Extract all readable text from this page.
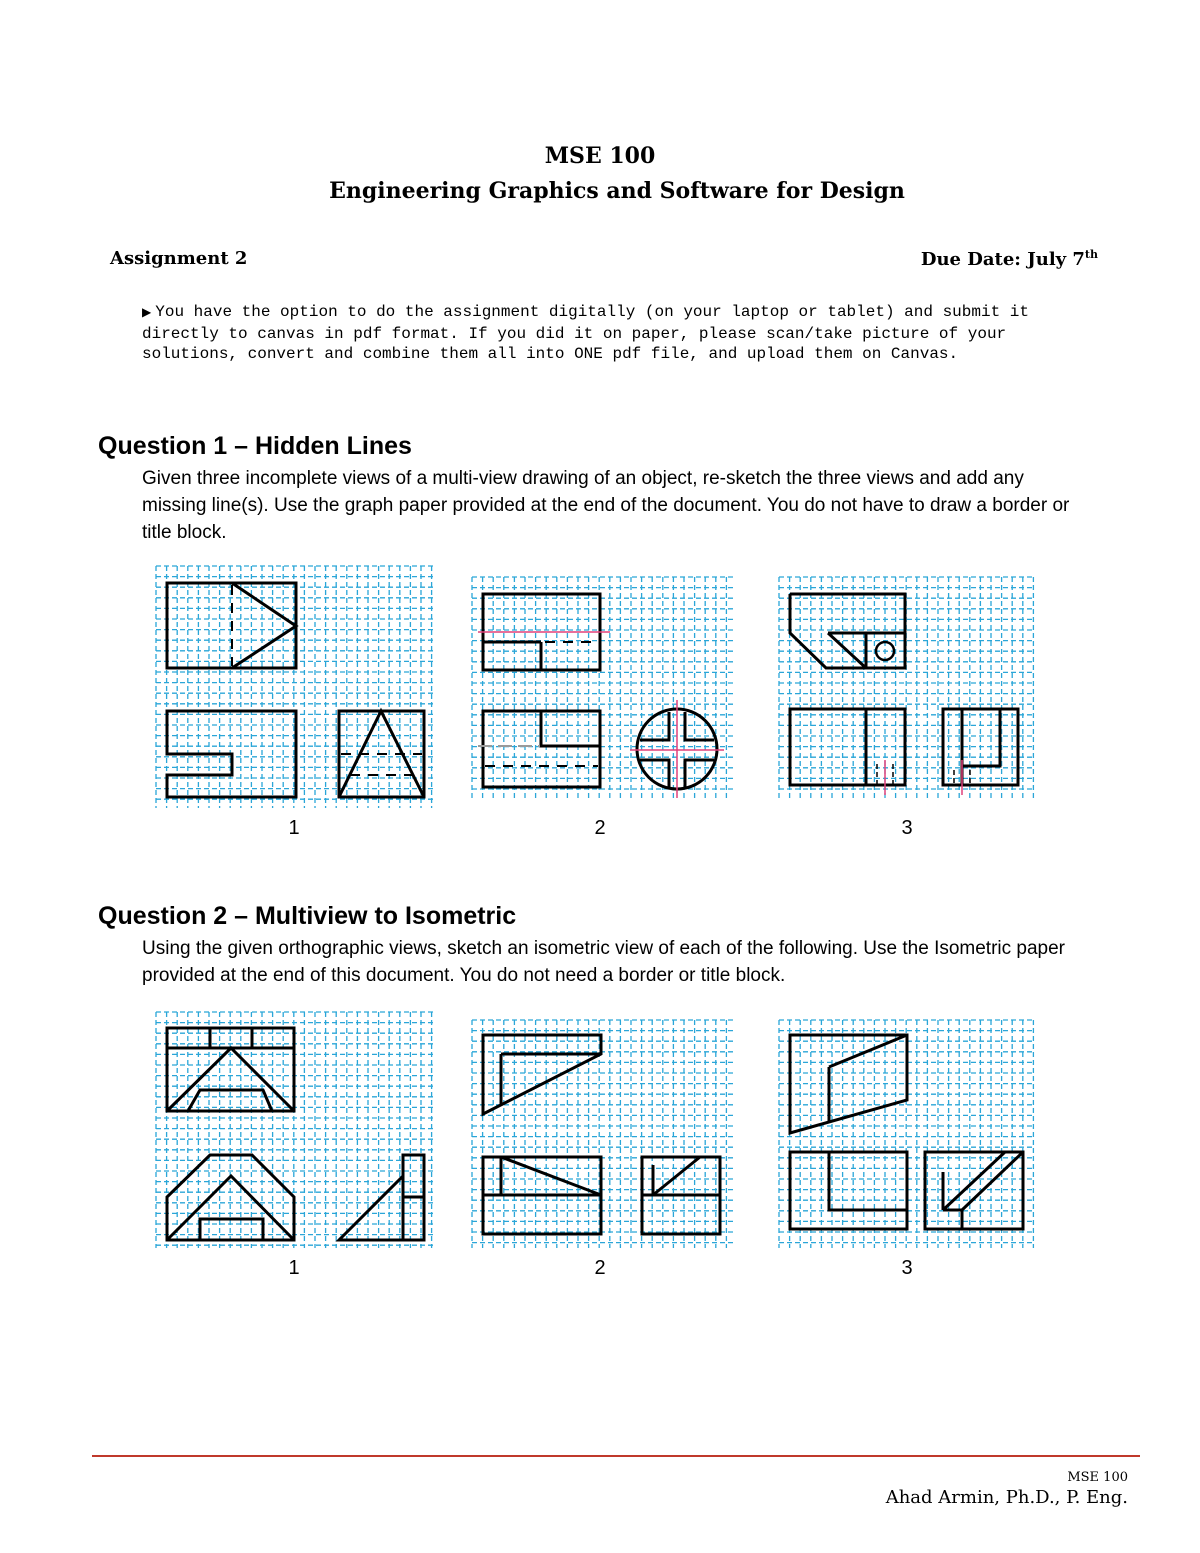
MSE 100
Engineering Graphics and Software for Design
Assignment 2	Due Date: July 7th
▶ You have the option to do the assignment digitally (on your laptop or tablet) and submit it directly to canvas in pdf format. If you did it on paper, please scan/take picture of your solutions, convert and combine them all into ONE pdf file, and upload them on Canvas.
Question 1 – Hidden Lines
Given three incomplete views of a multi-view drawing of an object, re-sketch the three views and add any missing line(s). Use the graph paper provided at the end of the document. You do not have to draw a border or title block.
Question 2 – Multiview to Isometric
Using the given orthographic views, sketch an isometric view of each of the following. Use the Isometric paper provided at the end of this document. You do not need a border or title block.
1	2	3
1	2	3
MSE 100
Ahad Armin, Ph.D., P. Eng.
